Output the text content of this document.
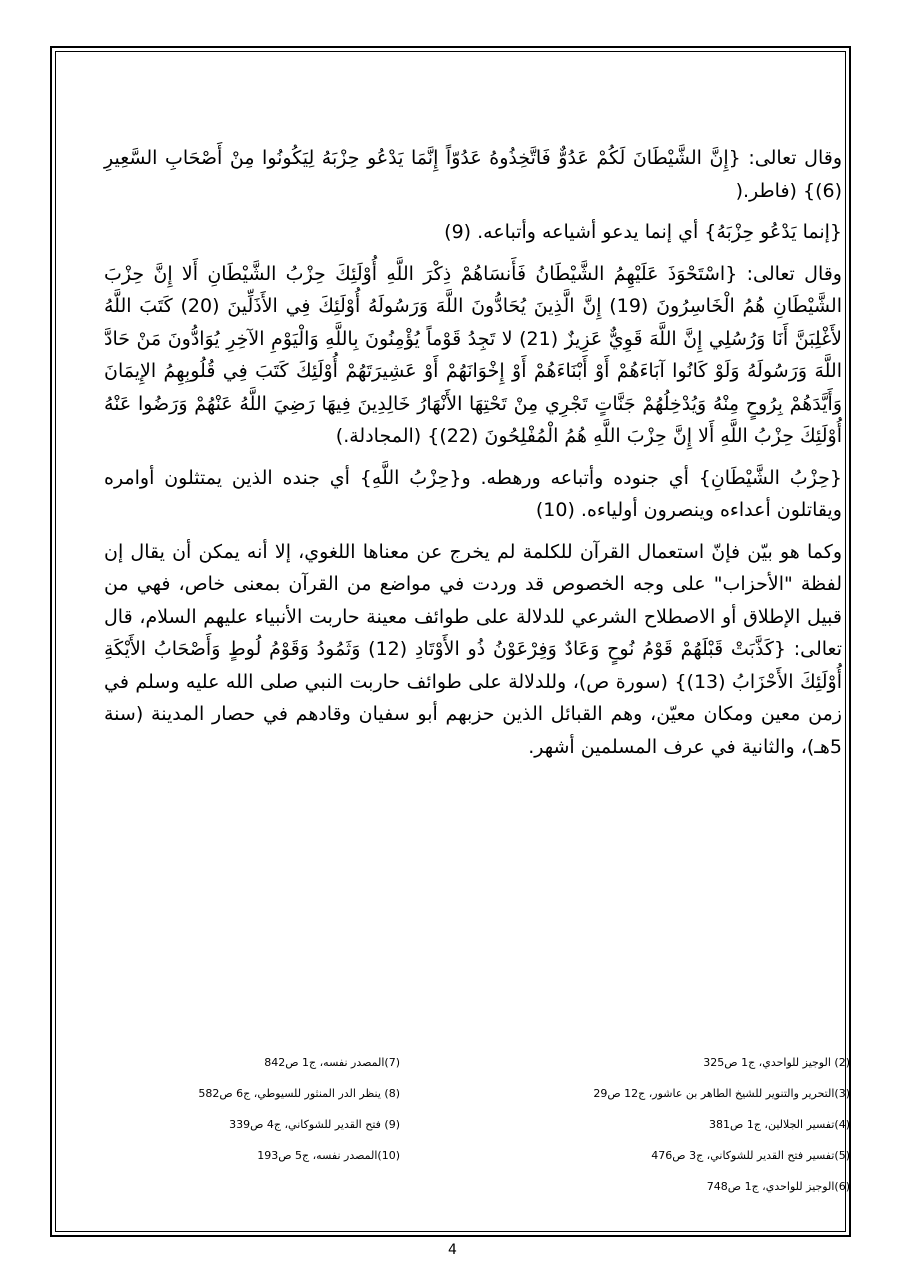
وقال تعالى: {إِنَّ الشَّيْطَانَ لَكُمْ عَدُوٌّ فَاتَّخِذُوهُ عَدُوّاً إِنَّمَا يَدْعُو حِزْبَهُ لِيَكُونُوا مِنْ أَصْحَابِ السَّعِيرِ (6)} (فاطر.(

{إنما يَدْعُو حِزْبَهُ} أي إنما يدعو أشياعه وأتباعه. (9)

وقال تعالى: {اسْتَحْوَذَ عَلَيْهِمُ الشَّيْطَانُ فَأَنسَاهُمْ ذِكْرَ اللَّهِ أُوْلَئِكَ حِزْبُ الشَّيْطَانِ أَلا إِنَّ حِزْبَ الشَّيْطَانِ هُمُ الْخَاسِرُونَ (19) إِنَّ الَّذِينَ يُحَادُّونَ اللَّهَ وَرَسُولَهُ أُوْلَئِكَ فِي الأَذَلِّينَ (20) كَتَبَ اللَّهُ لأَغْلِبَنَّ أَنَا وَرُسُلِي إِنَّ اللَّهَ قَوِيٌّ عَزِيزٌ (21) لا تَجِدُ قَوْماً يُؤْمِنُونَ بِاللَّهِ وَالْيَوْمِ الآخِرِ يُوَادُّونَ مَنْ حَادَّ اللَّهَ وَرَسُولَهُ وَلَوْ كَانُوا آبَاءَهُمْ أَوْ أَبْنَاءَهُمْ أَوْ إِخْوَانَهُمْ أَوْ عَشِيرَتَهُمْ أُوْلَئِكَ كَتَبَ فِي قُلُوبِهِمُ الإِيمَانَ وَأَيَّدَهُمْ بِرُوحٍ مِنْهُ وَيُدْخِلُهُمْ جَنَّاتٍ تَجْرِي مِنْ تَحْتِهَا الأَنْهَارُ خَالِدِينَ فِيهَا رَضِيَ اللَّهُ عَنْهُمْ وَرَضُوا عَنْهُ أُوْلَئِكَ حِزْبُ اللَّهِ أَلا إِنَّ حِزْبَ اللَّهِ هُمُ الْمُفْلِحُونَ (22)} (المجادلة.)

{حِزْبُ الشَّيْطَانِ} أي جنوده وأتباعه ورهطه. و{حِزْبُ اللَّهِ} أي جنده الذين يمتثلون أوامره ويقاتلون أعداءه وينصرون أولياءه. (10)

وكما هو بيّن فإنّ استعمال القرآن للكلمة لم يخرج عن معناها اللغوي، إلا أنه يمكن أن يقال إن لفظة "الأحزاب" على وجه الخصوص قد وردت في مواضع من القرآن بمعنى خاص، فهي من قبيل الإطلاق أو الاصطلاح الشرعي للدلالة على طوائف معينة حاربت الأنبياء عليهم السلام، قال تعالى: {كَذَّبَتْ قَبْلَهُمْ قَوْمُ نُوحٍ وَعَادٌ وَفِرْعَوْنُ ذُو الأَوْتَادِ (12) وَثَمُودُ وَقَوْمُ لُوطٍ وَأَصْحَابُ الأَيْكَةِ أُوْلَئِكَ الأَحْزَابُ (13)} (سورة ص)، وللدلالة على طوائف حاربت النبي صلى الله عليه وسلم في زمن معين ومكان معيّن، وهم القبائل الذين حزبهم أبو سفيان وقادهم في حصار المدينة (سنة 5هـ)، والثانية في عرف المسلمين أشهر.

(2) الوجيز للواحدي، ج1 ص325
(3)التحرير والتنوير للشيخ الطاهر بن عاشور، ج12 ص29
(4)تفسير الجلالين، ج1 ص381
(5)تفسير فتح القدير للشوكاني، ج3 ص476
(6)الوجيز للواحدي، ج1 ص748
(7)المصدر نفسه، ج1 ص842
(8) ينظر الدر المنثور للسيوطي، ج6 ص582
(9) فتح القدير للشوكاني، ج4 ص339
(10)المصدر نفسه، ج5 ص193
4
